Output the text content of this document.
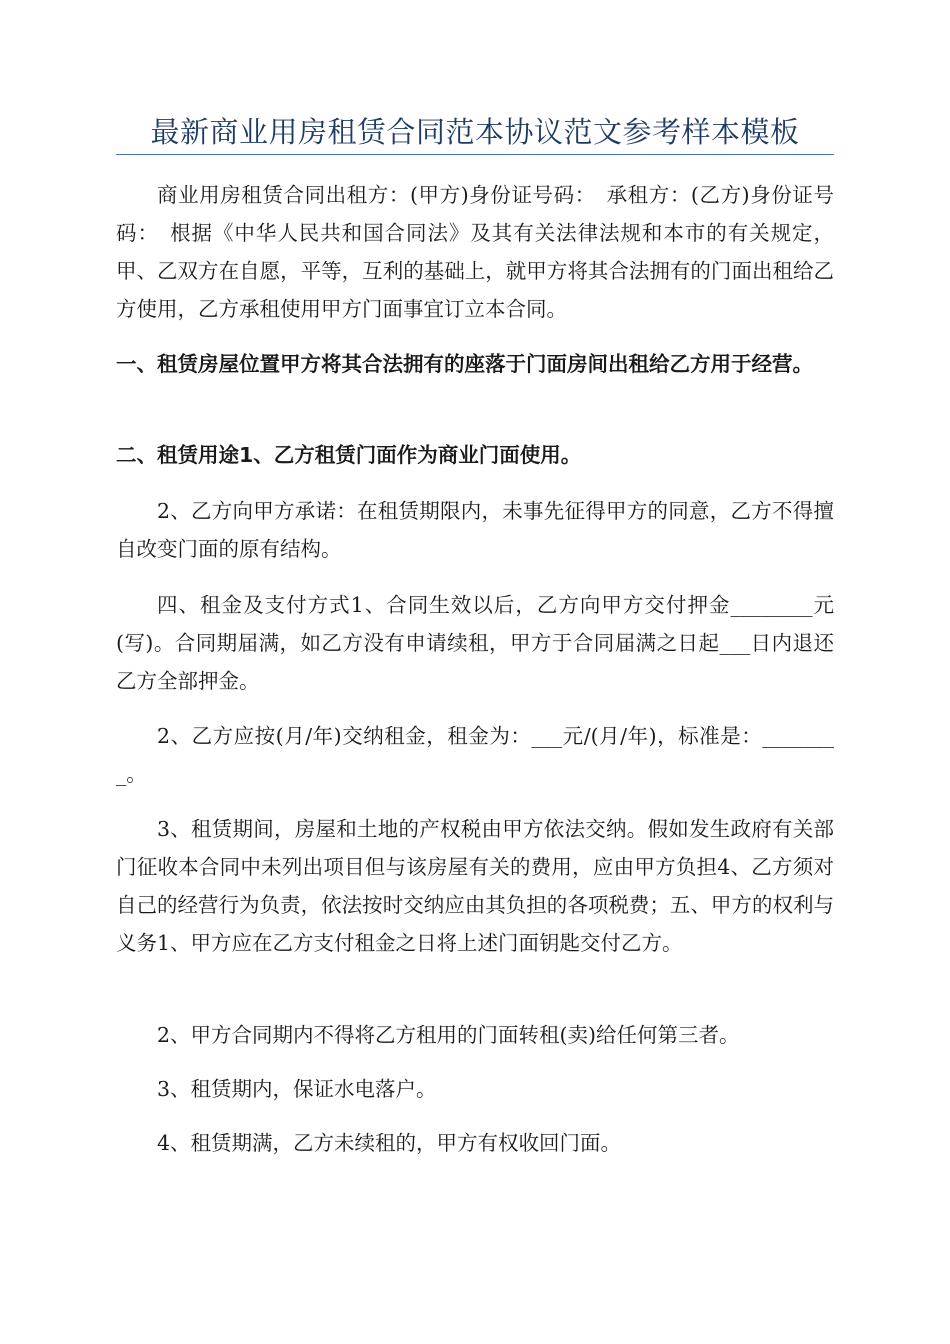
最新商业用房租赁合同范本协议范文参考样本模板
商业用房租赁合同出租方：(甲方)身份证号码：　承租方：(乙方)身份证号码：　根据《中华人民共和国合同法》及其有关法律法规和本市的有关规定，甲、乙双方在自愿，平等，互利的基础上，就甲方将其合法拥有的门面出租给乙方使用，乙方承租使用甲方门面事宜订立本合同。
一、租赁房屋位置甲方将其合法拥有的座落于门面房间出租给乙方用于经营。
二、租赁用途1、乙方租赁门面作为商业门面使用。
2、乙方向甲方承诺：在租赁期限内，未事先征得甲方的同意，乙方不得擅自改变门面的原有结构。
四、租金及支付方式1、合同生效以后，乙方向甲方交付押金________元(写)。合同期届满，如乙方没有申请续租，甲方于合同届满之日起___日内退还乙方全部押金。
2、乙方应按(月/年)交纳租金，租金为：___元/(月/年)，标准是：________。
3、租赁期间，房屋和土地的产权税由甲方依法交纳。假如发生政府有关部门征收本合同中未列出项目但与该房屋有关的费用，应由甲方负担4、乙方须对自己的经营行为负责，依法按时交纳应由其负担的各项税费；五、甲方的权利与义务1、甲方应在乙方支付租金之日将上述门面钥匙交付乙方。
2、甲方合同期内不得将乙方租用的门面转租(卖)给任何第三者。
3、租赁期内，保证水电落户。
4、租赁期满，乙方未续租的，甲方有权收回门面。
